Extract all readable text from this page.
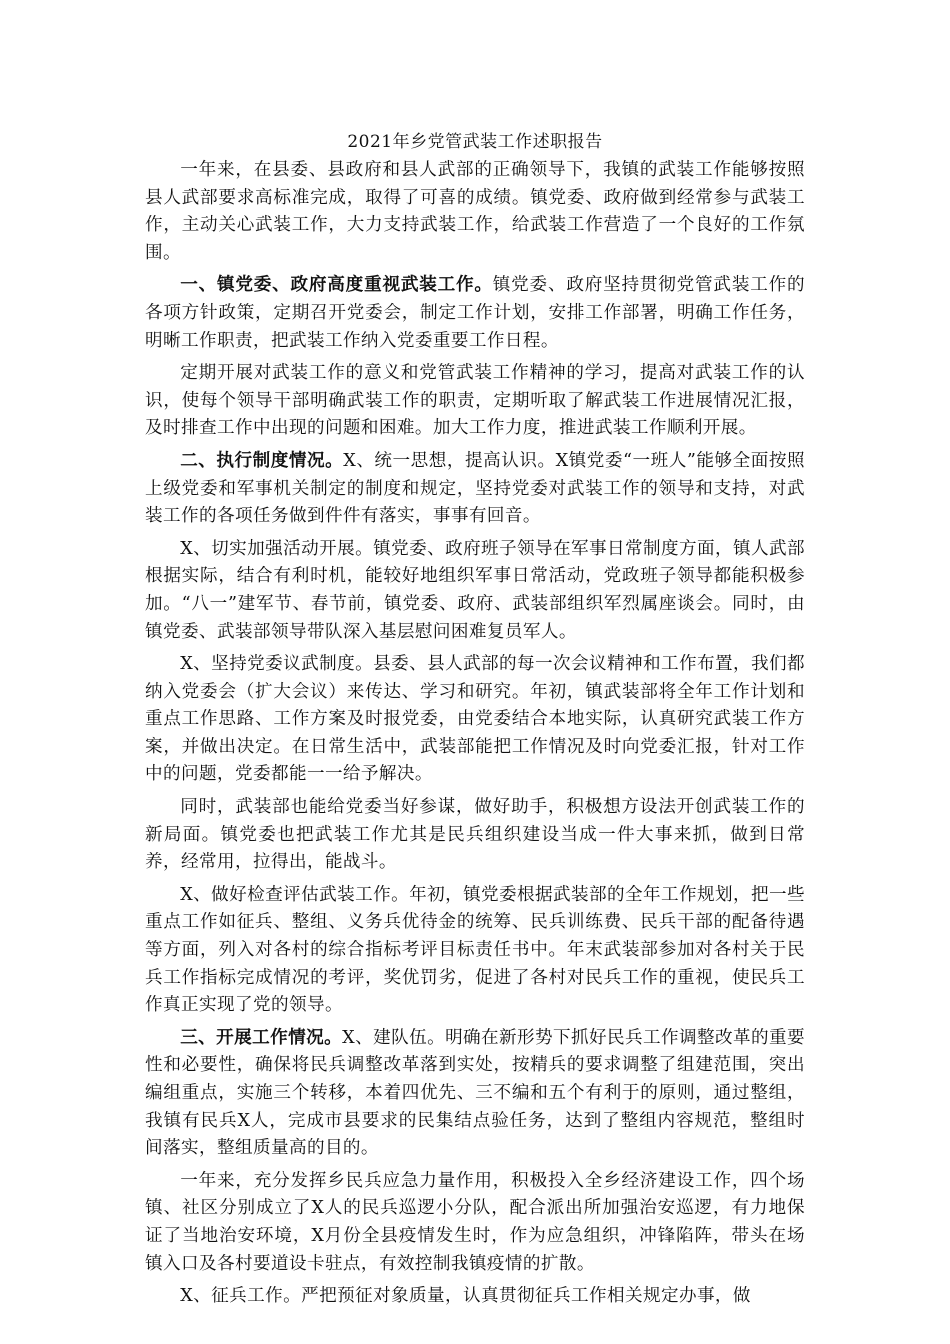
2021年乡党管武装工作述职报告

一年来，在县委、县政府和县人武部的正确领导下，我镇的武装工作能够按照县人武部要求高标准完成，取得了可喜的成绩。镇党委、政府做到经常参与武装工作，主动关心武装工作，大力支持武装工作，给武装工作营造了一个良好的工作氛围。

一、镇党委、政府高度重视武装工作。镇党委、政府坚持贯彻党管武装工作的各项方针政策，定期召开党委会，制定工作计划，安排工作部署，明确工作任务，明晰工作职责，把武装工作纳入党委重要工作日程。

定期开展对武装工作的意义和党管武装工作精神的学习，提高对武装工作的认识，使每个领导干部明确武装工作的职责，定期听取了解武装工作进展情况汇报，及时排查工作中出现的问题和困难。加大工作力度，推进武装工作顺利开展。

二、执行制度情况。X、统一思想，提高认识。X镇党委“一班人”能够全面按照上级党委和军事机关制定的制度和规定，坚持党委对武装工作的领导和支持，对武装工作的各项任务做到件件有落实，事事有回音。

X、切实加强活动开展。镇党委、政府班子领导在军事日常制度方面，镇人武部根据实际，结合有利时机，能较好地组织军事日常活动，党政班子领导都能积极参加。“八一”建军节、春节前，镇党委、政府、武装部组织军烈属座谈会。同时，由镇党委、武装部领导带队深入基层慰问困难复员军人。

X、坚持党委议武制度。县委、县人武部的每一次会议精神和工作布置，我们都纳入党委会（扩大会议）来传达、学习和研究。年初，镇武装部将全年工作计划和重点工作思路、工作方案及时报党委，由党委结合本地实际，认真研究武装工作方案，并做出决定。在日常生活中，武装部能把工作情况及时向党委汇报，针对工作中的问题，党委都能一一给予解决。

同时，武装部也能给党委当好参谋，做好助手，积极想方设法开创武装工作的新局面。镇党委也把武装工作尤其是民兵组织建设当成一件大事来抓，做到日常养，经常用，拉得出，能战斗。

X、做好检查评估武装工作。年初，镇党委根据武装部的全年工作规划，把一些重点工作如征兵、整组、义务兵优待金的统筹、民兵训练费、民兵干部的配备待遇等方面，列入对各村的综合指标考评目标责任书中。年末武装部参加对各村关于民兵工作指标完成情况的考评，奖优罚劣，促进了各村对民兵工作的重视，使民兵工作真正实现了党的领导。

三、开展工作情况。X、建队伍。明确在新形势下抓好民兵工作调整改革的重要性和必要性，确保将民兵调整改革落到实处，按精兵的要求调整了组建范围，突出编组重点，实施三个转移，本着四优先、三不编和五个有利于的原则，通过整组，我镇有民兵X人，完成市县要求的民集结点验任务，达到了整组内容规范，整组时间落实，整组质量高的目的。

一年来，充分发挥乡民兵应急力量作用，积极投入全乡经济建设工作，四个场镇、社区分别成立了X人的民兵巡逻小分队，配合派出所加强治安巡逻，有力地保证了当地治安环境，X月份全县疫情发生时，作为应急组织，冲锋陷阵，带头在场镇入口及各村要道设卡驻点，有效控制我镇疫情的扩散。

X、征兵工作。严把预征对象质量，认真贯彻征兵工作相关规定办事，做
